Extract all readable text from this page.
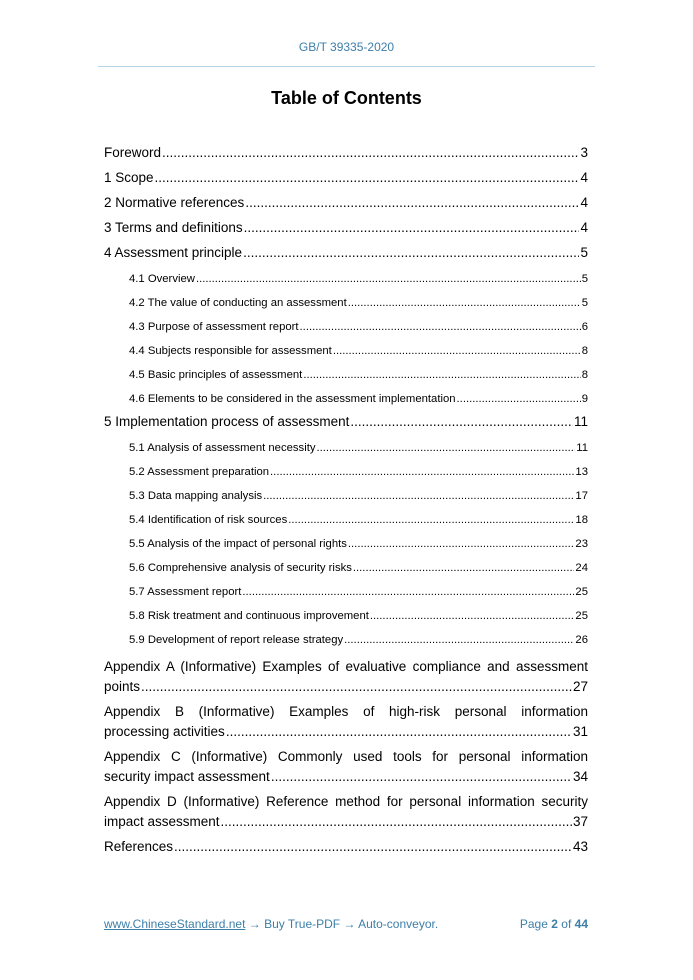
GB/T 39335-2020
Table of Contents
Foreword .....	3
1 Scope .....	4
2 Normative references .....	4
3 Terms and definitions .....	4
4 Assessment principle .....	5
4.1 Overview .....	5
4.2 The value of conducting an assessment .....	5
4.3 Purpose of assessment report .....	6
4.4 Subjects responsible for assessment .....	8
4.5 Basic principles of assessment .....	8
4.6 Elements to be considered in the assessment implementation .....	9
5 Implementation process of assessment .....	11
5.1 Analysis of assessment necessity .....	11
5.2 Assessment preparation .....	13
5.3 Data mapping analysis .....	17
5.4 Identification of risk sources .....	18
5.5 Analysis of the impact of personal rights .....	23
5.6 Comprehensive analysis of security risks .....	24
5.7 Assessment report .....	25
5.8 Risk treatment and continuous improvement .....	25
5.9 Development of report release strategy .....	26
Appendix A (Informative) Examples of evaluative compliance and assessment
points .....	27
Appendix B (Informative) Examples of high-risk personal information
processing activities .....	31
Appendix C (Informative) Commonly used tools for personal information
security impact assessment .....	34
Appendix D (Informative) Reference method for personal information security
impact assessment .....	37
References .....	43
www.ChineseStandard.net → Buy True-PDF → Auto-conveyor.	Page 2 of 44
